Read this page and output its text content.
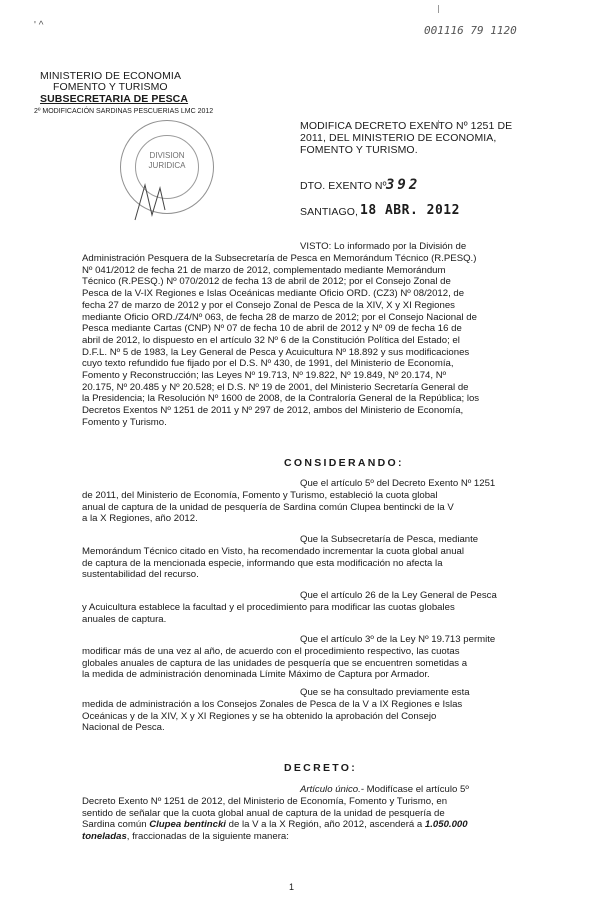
' ^	001116 79 1120
MINISTERIO DE ECONOMIA
FOMENTO Y TURISMO
SUBSECRETARIA DE PESCA
2º MODIFICACIÓN SARDINAS PESCUERIAS LMC 2012
DIVISION
JURIDICA
MODIFICA DECRETO EXENTO Nº 1251 DE
2011, DEL MINISTERIO DE ECONOMIA,
FOMENTO Y TURISMO.
DTO. EXENTO Nº 392
SANTIAGO, 18 ABR. 2012
VISTO: Lo informado por la División de
Administración Pesquera de la Subsecretaría de Pesca en Memorándum Técnico (R.PESQ.)
Nº 041/2012 de fecha 21 de marzo de 2012, complementado mediante Memorándum
Técnico (R.PESQ.) Nº 070/2012 de fecha 13 de abril de 2012; por el Consejo Zonal de
Pesca de la V-IX Regiones e Islas Oceánicas mediante Oficio ORD. (CZ3) Nº 08/2012, de
fecha 27 de marzo de 2012 y por el Consejo Zonal de Pesca de la XIV, X y XI Regiones
mediante Oficio ORD./Z4/Nº 063, de fecha 28 de marzo de 2012; por el Consejo Nacional de
Pesca mediante Cartas (CNP) Nº 07 de fecha 10 de abril de 2012 y Nº 09 de fecha 16 de
abril de 2012, lo dispuesto en el artículo 32 Nº 6 de la Constitución Política del Estado; el
D.F.L. Nº 5 de 1983, la Ley General de Pesca y Acuicultura Nº 18.892 y sus modificaciones
cuyo texto refundido fue fijado por el D.S. Nº 430, de 1991, del Ministerio de Economía,
Fomento y Reconstrucción; las Leyes Nº 19.713, Nº 19.822, Nº 19.849, Nº 20.174, Nº
20.175, Nº 20.485 y Nº 20.528; el D.S. Nº 19 de 2001, del Ministerio Secretaría General de
la Presidencia; la Resolución Nº 1600 de 2008, de la Contraloría General de la República; los
Decretos Exentos Nº 1251 de 2011 y Nº 297 de 2012, ambos del Ministerio de Economía,
Fomento y Turismo.
CONSIDERANDO:
Que el artículo 5º del Decreto Exento Nº 1251
de 2011, del Ministerio de Economía, Fomento y Turismo, estableció la cuota global
anual de captura de la unidad de pesquería de Sardina común Clupea bentincki de la V
a la X Regiones, año 2012.
Que la Subsecretaría de Pesca, mediante
Memorándum Técnico citado en Visto, ha recomendado incrementar la cuota global anual
de captura de la mencionada especie, informando que esta modificación no afecta la
sustentabilidad del recurso.
Que el artículo 26 de la Ley General de Pesca
y Acuicultura establece la facultad y el procedimiento para modificar las cuotas globales
anuales de captura.
Que el artículo 3º de la Ley Nº 19.713 permite
modificar más de una vez al año, de acuerdo con el procedimiento respectivo, las cuotas
globales anuales de captura de las unidades de pesquería que se encuentren sometidas a
la medida de administración denominada Límite Máximo de Captura por Armador.
Que se ha consultado previamente esta
medida de administración a los Consejos Zonales de Pesca de la V a IX Regiones e Islas
Oceánicas y de la XIV, X y XI Regiones y se ha obtenido la aprobación del Consejo
Nacional de Pesca.
DECRETO:
Artículo único.- Modifícase el artículo 5º
Decreto Exento Nº 1251 de 2012, del Ministerio de Economía, Fomento y Turismo, en
sentido de señalar que la cuota global anual de captura de la unidad de pesquería de
Sardina común Clupea bentincki de la V a la X Región, año 2012, ascenderá a 1.050.000
toneladas, fraccionadas de la siguiente manera:
1
